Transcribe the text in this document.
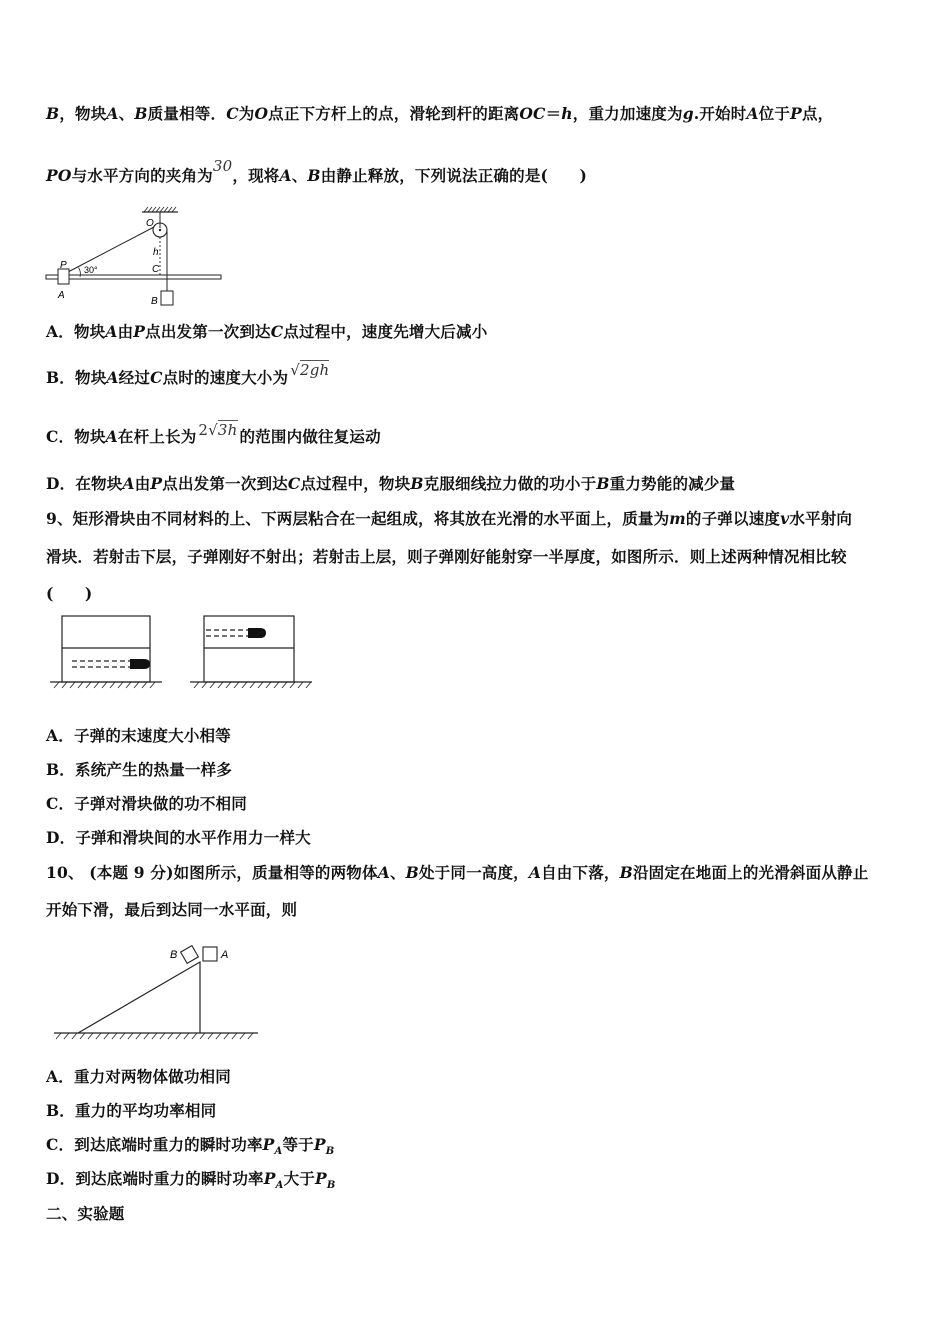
B，物块A、B质量相等．C为O点正下方杆上的点，滑轮到杆的距离OC＝h，重力加速度为g.开始时A位于P点，
PO与水平方向的夹角为30，现将A、B由静止释放，下列说法正确的是(　　)
O
P
A
C
h
B
30°
A．物块A由P点出发第一次到达C点过程中，速度先增大后减小
B．物块A经过C点时的速度大小为 √2gh
C．物块A在杆上长为 2√3h 的范围内做往复运动
D．在物块A由P点出发第一次到达C点过程中，物块B克服细线拉力做的功小于B重力势能的减少量
9、矩形滑块由不同材料的上、下两层粘合在一起组成，将其放在光滑的水平面上，质量为m的子弹以速度v水平射向
滑块．若射击下层，子弹刚好不射出；若射击上层，则子弹刚好能射穿一半厚度，如图所示．则上述两种情况相比较
(　　)
A．子弹的末速度大小相等
B．系统产生的热量一样多
C．子弹对滑块做的功不相同
D．子弹和滑块间的水平作用力一样大
10、 (本题 9 分)如图所示，质量相等的两物体A、B处于同一高度，A自由下落，B沿固定在地面上的光滑斜面从静止
开始下滑，最后到达同一水平面，则
B	A
A．重力对两物体做功相同
B．重力的平均功率相同
C．到达底端时重力的瞬时功率$P_A$等于$P_B$
D．到达底端时重力的瞬时功率$P_A$大于$P_B$
二、实验题
